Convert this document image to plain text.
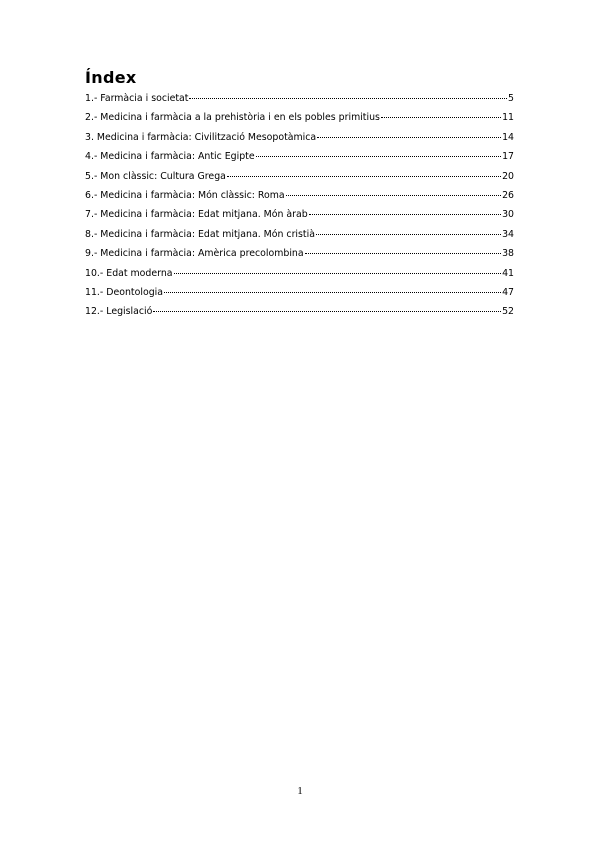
Índex
1.- Farmàcia i societat	5
2.- Medicina i farmàcia a la prehistòria i en els pobles primitius	11
3. Medicina i farmàcia: Civilització Mesopotàmica	14
4.- Medicina i farmàcia: Antic Egipte	17
5.- Mon clàssic: Cultura Grega	20
6.- Medicina i farmàcia: Món clàssic: Roma	26
7.- Medicina i farmàcia: Edat mitjana. Món àrab	30
8.- Medicina i farmàcia: Edat mitjana. Món cristià	34
9.- Medicina i farmàcia: Amèrica precolombina	38
10.- Edat moderna	41
11.- Deontologia	47
12.- Legislació	52
1
